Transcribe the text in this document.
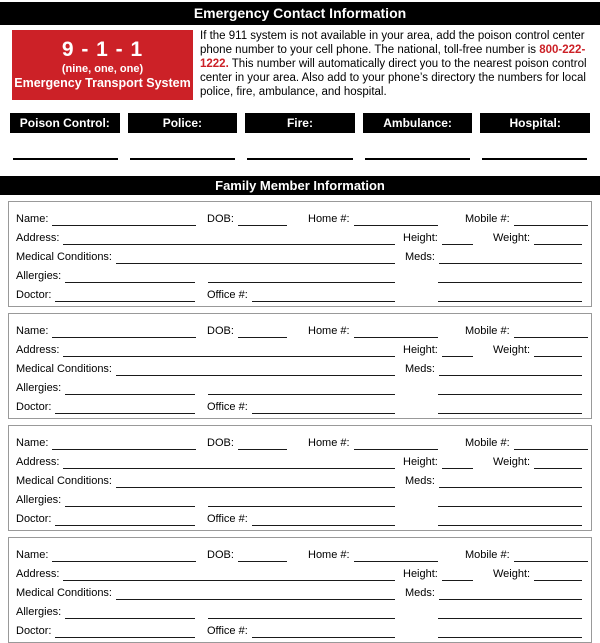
Emergency Contact Information
9 - 1 - 1
(nine, one, one)
Emergency Transport System

If the 911 system is not available in your area, add the poison control center phone number to your cell phone. The national, toll-free number is 800-222-1222. This number will automatically direct you to the nearest poison control center in your area. Also add to your phone’s directory the numbers for local police, fire, ambulance, and hospital.

Poison Control:	Police:	Fire:	Ambulance:	Hospital:
Family Member Information
Name:	DOB:	Home #:	Mobile #:
Address:	Height:	Weight:
Medical Conditions:	Meds:
Allergies:
Doctor:	Office #:
Name:	DOB:	Home #:	Mobile #:
Address:	Height:	Weight:
Medical Conditions:	Meds:
Allergies:
Doctor:	Office #:
Name:	DOB:	Home #:	Mobile #:
Address:	Height:	Weight:
Medical Conditions:	Meds:
Allergies:
Doctor:	Office #:
Name:	DOB:	Home #:	Mobile #:
Address:	Height:	Weight:
Medical Conditions:	Meds:
Allergies:
Doctor:	Office #:
